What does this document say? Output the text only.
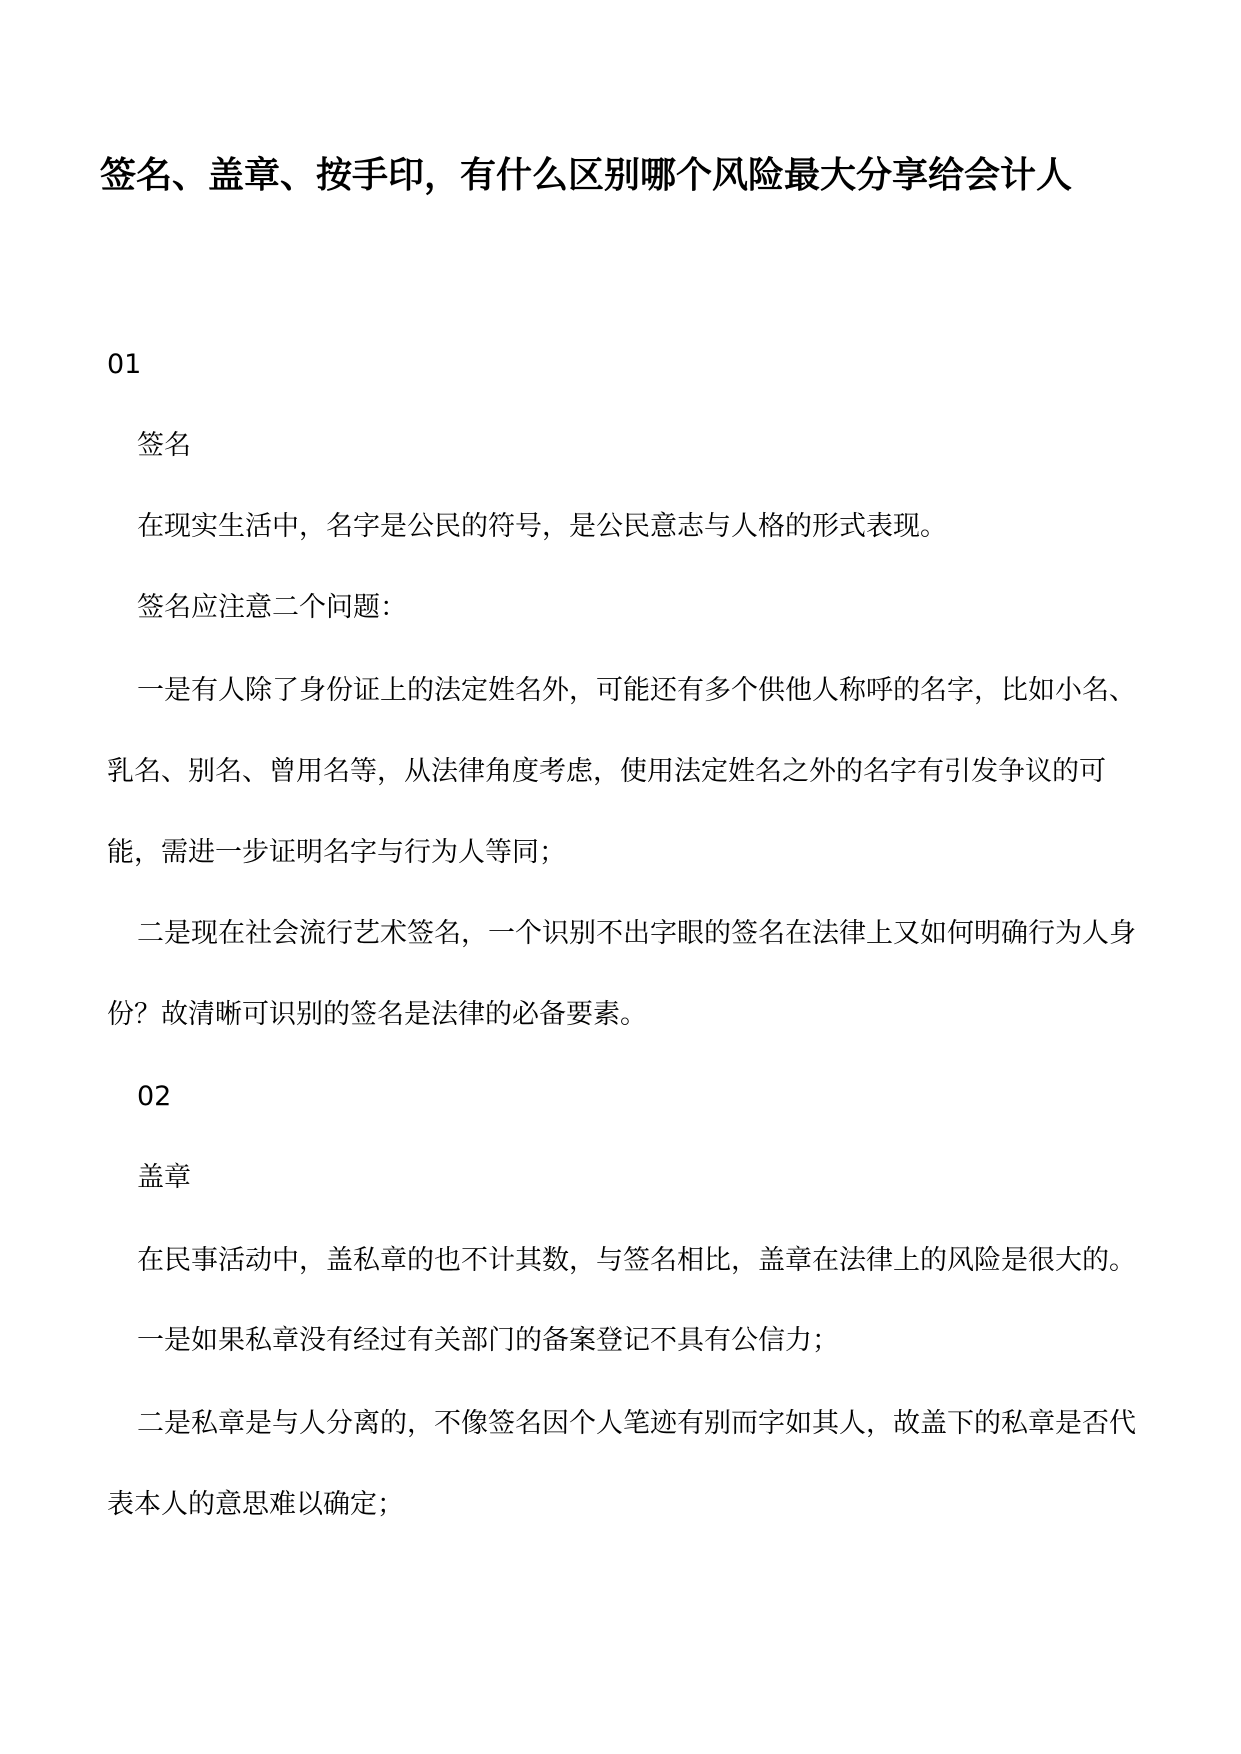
签名、盖章、按手印，有什么区别哪个风险最大分享给会计人

01

签名

在现实生活中，名字是公民的符号，是公民意志与人格的形式表现。

签名应注意二个问题：

一是有人除了身份证上的法定姓名外，可能还有多个供他人称呼的名字，比如小名、乳名、别名、曾用名等，从法律角度考虑，使用法定姓名之外的名字有引发争议的可能，需进一步证明名字与行为人等同；

二是现在社会流行艺术签名，一个识别不出字眼的签名在法律上又如何明确行为人身份？故清晰可识别的签名是法律的必备要素。

02

盖章

在民事活动中，盖私章的也不计其数，与签名相比，盖章在法律上的风险是很大的。

一是如果私章没有经过有关部门的备案登记不具有公信力；

二是私章是与人分离的，不像签名因个人笔迹有别而字如其人，故盖下的私章是否代表本人的意思难以确定；
